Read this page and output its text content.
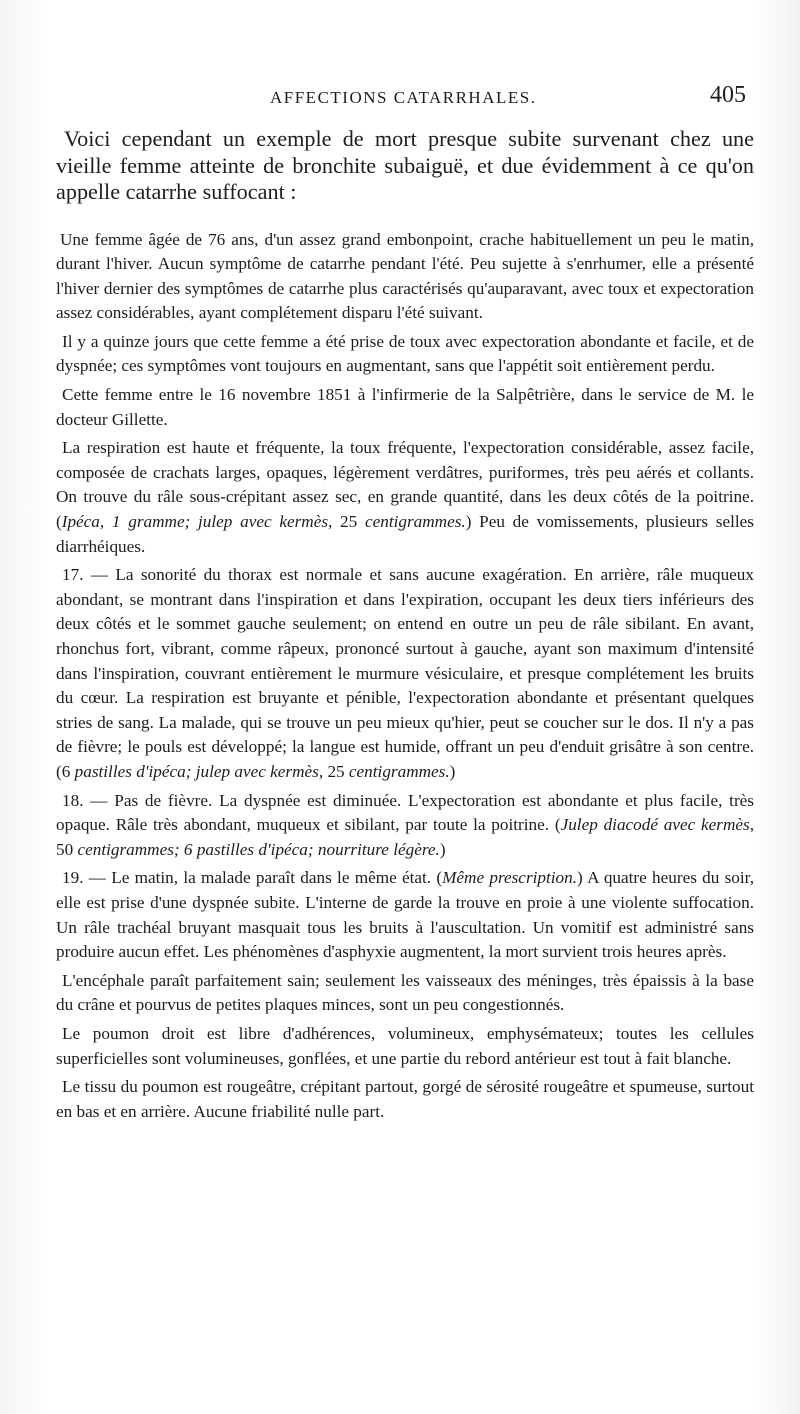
AFFECTIONS CATARRHALES.	405

Voici cependant un exemple de mort presque subite survenant chez une vieille femme atteinte de bronchite subaiguë, et due évidemment à ce qu'on appelle catarrhe suffocant :

Une femme âgée de 76 ans, d'un assez grand embonpoint, crache habituellement un peu le matin, durant l'hiver. Aucun symptôme de catarrhe pendant l'été. Peu sujette à s'enrhumer, elle a présenté l'hiver dernier des symptômes de catarrhe plus caractérisés qu'auparavant, avec toux et expectoration assez considérables, ayant complétement disparu l'été suivant.

Il y a quinze jours que cette femme a été prise de toux avec expectoration abondante et facile, et de dyspnée; ces symptômes vont toujours en augmentant, sans que l'appétit soit entièrement perdu.

Cette femme entre le 16 novembre 1851 à l'infirmerie de la Salpêtrière, dans le service de M. le docteur Gillette.

La respiration est haute et fréquente, la toux fréquente, l'expectoration considérable, assez facile, composée de crachats larges, opaques, légèrement verdâtres, puriformes, très peu aérés et collants. On trouve du râle sous-crépitant assez sec, en grande quantité, dans les deux côtés de la poitrine. (Ipéca, 1 gramme; julep avec kermès, 25 centigrammes.) Peu de vomissements, plusieurs selles diarrhéiques.

17. — La sonorité du thorax est normale et sans aucune exagération. En arrière, râle muqueux abondant, se montrant dans l'inspiration et dans l'expiration, occupant les deux tiers inférieurs des deux côtés et le sommet gauche seulement; on entend en outre un peu de râle sibilant. En avant, rhonchus fort, vibrant, comme râpeux, prononcé surtout à gauche, ayant son maximum d'intensité dans l'inspiration, couvrant entièrement le murmure vésiculaire, et presque complétement les bruits du cœur. La respiration est bruyante et pénible, l'expectoration abondante et présentant quelques stries de sang. La malade, qui se trouve un peu mieux qu'hier, peut se coucher sur le dos. Il n'y a pas de fièvre; le pouls est développé; la langue est humide, offrant un peu d'enduit grisâtre à son centre. (6 pastilles d'ipéca; julep avec kermès, 25 centigrammes.)

18. — Pas de fièvre. La dyspnée est diminuée. L'expectoration est abondante et plus facile, très opaque. Râle très abondant, muqueux et sibilant, par toute la poitrine. (Julep diacodé avec kermès, 50 centigrammes; 6 pastilles d'ipéca; nourriture légère.)

19. — Le matin, la malade paraît dans le même état. (Même prescription.) A quatre heures du soir, elle est prise d'une dyspnée subite. L'interne de garde la trouve en proie à une violente suffocation. Un râle trachéal bruyant masquait tous les bruits à l'auscultation. Un vomitif est administré sans produire aucun effet. Les phénomènes d'asphyxie augmentent, la mort survient trois heures après.

L'encéphale paraît parfaitement sain; seulement les vaisseaux des méninges, très épaissis à la base du crâne et pourvus de petites plaques minces, sont un peu congestionnés.

Le poumon droit est libre d'adhérences, volumineux, emphysémateux; toutes les cellules superficielles sont volumineuses, gonflées, et une partie du rebord antérieur est tout à fait blanche.

Le tissu du poumon est rougeâtre, crépitant partout, gorgé de sérosité rougeâtre et spumeuse, surtout en bas et en arrière. Aucune friabilité nulle part.
